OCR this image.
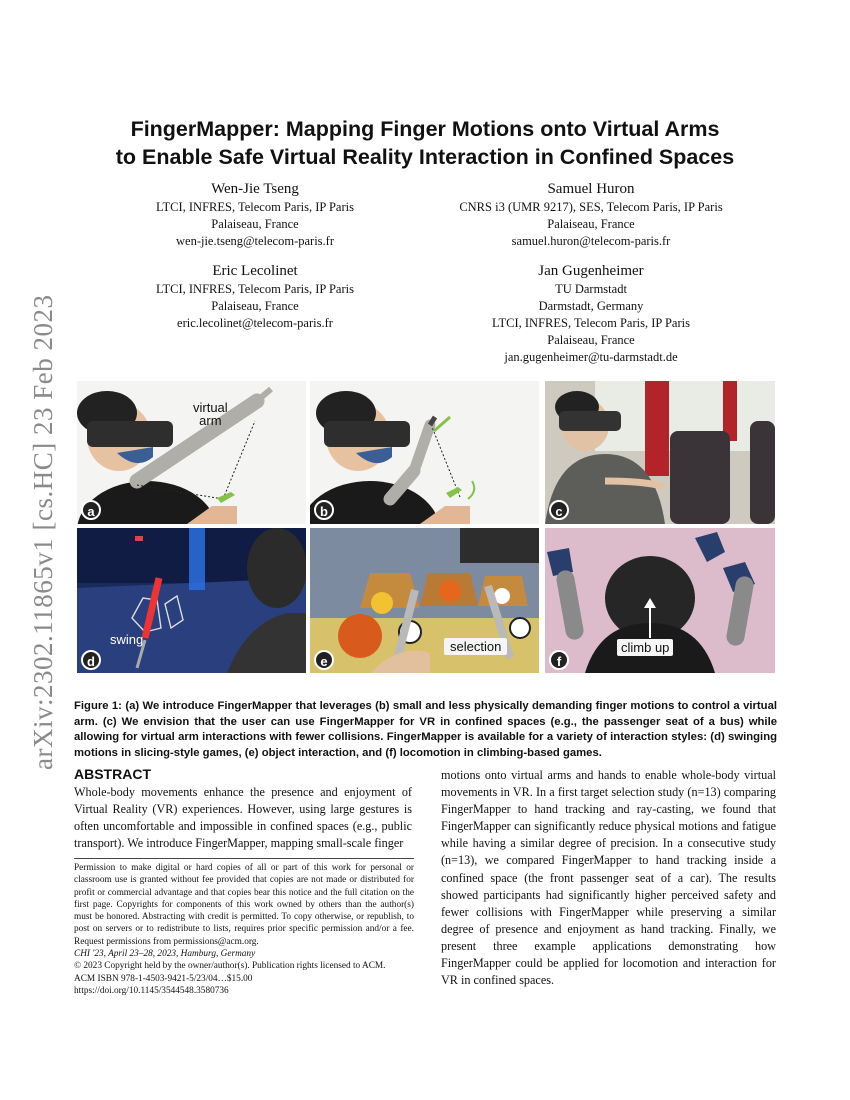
arXiv:2302.11865v1 [cs.HC] 23 Feb 2023
FingerMapper: Mapping Finger Motions onto Virtual Arms
to Enable Safe Virtual Reality Interaction in Confined Spaces
Wen-Jie Tseng
LTCI, INFRES, Telecom Paris, IP Paris
Palaiseau, France
wen-jie.tseng@telecom-paris.fr
Samuel Huron
CNRS i3 (UMR 9217), SES, Telecom Paris, IP Paris
Palaiseau, France
samuel.huron@telecom-paris.fr
Eric Lecolinet
LTCI, INFRES, Telecom Paris, IP Paris
Palaiseau, France
eric.lecolinet@telecom-paris.fr
Jan Gugenheimer
TU Darmstadt
Darmstadt, Germany
LTCI, INFRES, Telecom Paris, IP Paris
Palaiseau, France
jan.gugenheimer@tu-darmstadt.de
virtual
arm
a	b	c
swing
d
selection
e
climb up
f
Figure 1: (a) We introduce FingerMapper that leverages (b) small and less physically demanding finger motions to control a virtual arm. (c) We envision that the user can use FingerMapper for VR in confined spaces (e.g., the passenger seat of a bus) while allowing for virtual arm interactions with fewer collisions. FingerMapper is available for a variety of interaction styles: (d) swinging motions in slicing-style games, (e) object interaction, and (f) locomotion in climbing-based games.
ABSTRACT
Whole-body movements enhance the presence and enjoyment of Virtual Reality (VR) experiences. However, using large gestures is often uncomfortable and impossible in confined spaces (e.g., public transport). We introduce FingerMapper, mapping small-scale finger
motions onto virtual arms and hands to enable whole-body virtual movements in VR. In a first target selection study (n=13) comparing FingerMapper to hand tracking and ray-casting, we found that FingerMapper can significantly reduce physical motions and fatigue while having a similar degree of precision. In a consecutive study (n=13), we compared FingerMapper to hand tracking inside a confined space (the front passenger seat of a car). The results showed participants had significantly higher perceived safety and fewer collisions with FingerMapper while preserving a similar degree of presence and enjoyment as hand tracking. Finally, we present three example applications demonstrating how FingerMapper could be applied for locomotion and interaction for VR in confined spaces.
Permission to make digital or hard copies of all or part of this work for personal or classroom use is granted without fee provided that copies are not made or distributed for profit or commercial advantage and that copies bear this notice and the full citation on the first page. Copyrights for components of this work owned by others than the author(s) must be honored. Abstracting with credit is permitted. To copy otherwise, or republish, to post on servers or to redistribute to lists, requires prior specific permission and/or a fee. Request permissions from permissions@acm.org.
CHI '23, April 23–28, 2023, Hamburg, Germany
© 2023 Copyright held by the owner/author(s). Publication rights licensed to ACM.
ACM ISBN 978-1-4503-9421-5/23/04…$15.00
https://doi.org/10.1145/3544548.3580736
